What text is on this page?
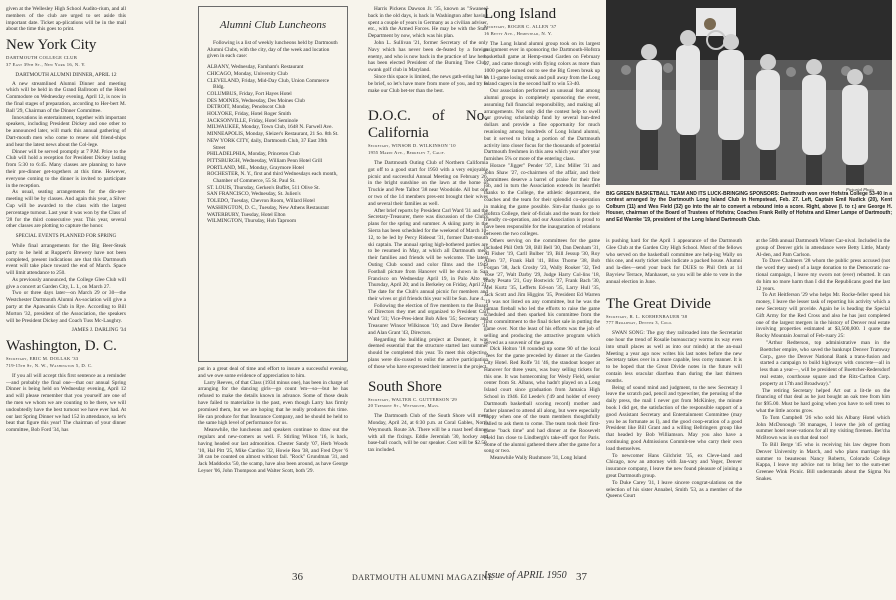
given at the Wellesley High School Audito-rium, and all members of the club are urged to set aside this important date. Ticket ap-plications will be in the mail about the time this goes to print.

New York City
DARTMOUTH COLLEGE CLUB
37 East 39th St., New York 16, N. Y.

DARTMOUTH ALUMNI DINNER, APRIL 12

A new streamlined Alumni Dinner and meeting which will be held in the Grand Ballroom of the Hotel Commodore on Wednesday evening, April 12, is now in the final stages of preparation, according to Her-bert M. Ball '29, Chairman of the Dinner Committee.

Innovations in entertainment, together with important speakers, including President Dickey and one other to be announced later, will mark this annual gathering of Dart-mouth men who come to renew old friend-ships and hear the latest news about the Col-lege.

Dinner will be served promptly at 7 P.M. Price to the Club will hold a reception for President Dickey lasting from 5:30 to 6:45. Many classes are planning to have their pre-dinner get-togethers at this time. However, everyone coming to the dinner is invited to participate in the reception.

As usual, seating arrangements for the din-ner-meeting will be by classes. And again this year, a Silver Cup will be awarded to the class with the largest percentage turnout. Last year it was won by the Class of '28 for the third consecutive year. This year, several other classes are plotting to capture the honor.

SPECIAL EVENTS PLANNED FOR SPRING

While final arrangements for the Big Beer-Steak party to be held at Ruppert's Brewery have not been completed, present indications are that this Dartmouth event will take place toward the end of March. Space will limit attendance to 250.

As previously announced, the College Glee Club will give a concert at Garden City, L. I., on March 27.

Two or three days later—on March 29 or 30—the Westchester Dartmouth Alumni As-sociation will give a party at the Apawamis Club in Rye. According to Bill Morton '32, president of the Association, the speakers will be President Dickey and Coach Tuss Mc-Laughry.

JAMES J. DARLING '34
Washington, D. C.
Secretary, ERIC M. DOLLAK '33
719-15th St, N. W., Washington 5, D. C.

If you all will accept this first sentence as a reminder—and probably the final one—that our annual Spring Dinner is being held on Wednesday evening, April 12 and will please remember that you yourself are one of the men we whom we are counting to be there, we will undoubtedly have the best turnout we have ever had. At our last Spring Dinner we had 152 in attendance, so let's beat that figure this year! The chairman of your dinner committee, Bob Ford '34, has

Alumni Club Luncheons

Following is a list of weekly luncheons held by Dartmouth Alumni Clubs, with the city, day of the week and location given in each case:

ALBANY, Wednesday, Farnham's Restaurant

CHICAGO, Monday, University Club

CLEVELAND, Friday, Mid-Day Club, Union Commerce Bldg.

COLUMBUS, Friday, Fort Hayes Hotel

DES MOINES, Wednesday, Des Moines Club

DETROIT, Monday, Penobscot Club

HOLYOKE, Friday, Hotel Roger Smith

JACKSONVILLE, Friday, Hotel Seminole

MILWAUKEE, Monday, Town Club, 1648 N. Farwell Ave.

MINNEAPOLIS, Monday, Sleizer's Restaurant, 21 So. 8th St.

NEW YORK CITY, daily, Dartmouth Club, 37 East 39th Street

PHILADELPHIA, Monday, Princeton Club

PITTSBURGH, Wednesday, William Penn Hotel Grill

PORTLAND, ME., Monday, Graymore Hotel

ROCHESTER, N. Y., first and third Wednesdays each month, Chamber of Commerce, 55 St. Paul St.

ST. LOUIS, Thursday, Gerken's Buffet, 511 Olive St.

SAN FRANCISCO, Wednesday, St. Julien's

TOLEDO, Tuesday, Chevron Room, Willard Hotel

WASHINGTON, D. C., Tuesday, New Athens Restaurant

WATERBURY, Tuesday, Hotel Elton

WILMINGTON, Thursday, Hob Taproom

put in a great deal of time and effort to insure a successful evening, and we owe some evidence of appreciation to him.

Larry Reeves, of that Class (1934 minus one), has been in charge of arranging for the dancing girls—go count 'em—so—but he has refused to make the details known in advance. Some of those deals have failed to materialize in the past, even though Larry has firmly promised them, but we are hoping that he really produces this time. He can produce for that Insurance Company, and he should be held to the same high level of performance for us.

Meanwhile, the luncheons and speakers continue to draw out the regulars and new-comers as well. F. Stirling Wilson '16, is back, having headed our last admonition. Chester Sandy '07, Herb Woods '10, Hal Pitt '25, Mike Cardiso '32, Howie Rea '38, and Fred Dyer '6 38 can be counted on almost without fail. "Rock" Grundman '31, and Jack Maddocks '50, the scamp, have also been around, as have George Leyser '06, John Thompson and Walter Scott, both '29.

Harris Pickens Dawson Jr. '35, known as "Swanee" back in the old days, is back in Washington after having spent a couple of years in Germany as a civilian adviser, etc., with the Armed Forces. He may be with the State Department by now, which was his plan.

John L. Sullivan '21, former Secretary of the only Navy which has never been de-feated by a foreign enemy, and who is now back in the practice of law here, has been elected President of the Burning Tree Club, swank golf club in Maryland.

Since this space is limited, the news gath-ering has to be brief, so let's have more from more of you, and try to make our Club bet-ter than the best.

D.O.C. of No. California
Secretary, WINSOR D. WILKINSON '10
1955 Marin Ave., Berkeley 7, Calif.

The Dartmouth Outing Club of Northern California got off to a good start for 1950 with a very enjoyable picnic and successful Annual Meeting on February 26, in the bright sunshine on the lawn at the home of Truckie and Pete Talbot '38 near Woodside. All but one or two of the 14 members pres-ent brought their wives and several their families as well.

After brief reports by President Carl Ward '31 and the Secretary-Treasurer, there was discussion of the Club's plans for the spring and summer. A skiing party in the Sierra has been scheduled for the weekend of March 10-12, to be led by Percy Rideout '31, former Dart-mouth ski captain. The annual spring high-bothered parties are to be resumed in May, at which all Dartmouth men, their families and friends will be welcome. The latest Outing Club sound and color films and the 1949 Football picture from Hanover will be shown in San Francisco on Wednesday April 19, in Palo Alto on Thursday, April 20; and in Berkeley on Friday, April 21. The date for the Club's annual picnic for members and their wives or girl friends this year will be Sun. June 4.

Following the election of five members to the Board of Directors they met and organized to President Carl Ward '31; Vice-Pres-ident Bob Allen '35; Secretary and Treasurer Winsor Wilkinson '10; and Dave Bender '31 and Alan Grant '43, Directors.

Regarding the building project at Donner, it was deemed essential that the structure started last summer should be completed this year. To meet this objective, plans were dis-cussed to enlist the active participation of those who have expressed their interest in the project.

South Shore
Secretary, WALTER C. GUTTERSON '29
20 Tremont St., Weymouth, Mass.

The Dartmouth Club of the South Shore will meet Monday, April 24, at 6:30 p.m. at Coral Gables, North Weymouth. Route 3A. There will be a roast beef dinner with all the fixings. Eddie Jeremiah '30, hockey and base-ball coach, will be our speaker. Cost will be $2.50, tax included.

Long Island
Secretary, ROGER C. ALLEN '37
16 Betty Ave., Hempstead, N. Y.

The Long Island alumni group took on its largest assignment ever in sponsoring the Dartmouth-Hofstra basketball game at Hemp-stead Garden on February 27, and came through with flying colors as more than 1000 people turned out to see the Big Green break up an 11-game losing streak and pull away from the Long Island cagers in the second half to win 53-40.

Our association performed an unusual feat among alumni groups in completely sponsoring the event, assuming full financial responsibility, and making all arrangements. Not only did the contest help to swell our growing scholarship fund by several hun-dred dollars and provide a fine opportunity for much reunioning among hundreds of Long Island alumni, but it served to bring a portion of the Dartmouth activity into closer focus for the thousands of potential Dartmouth freshmen in this area which year after year furnishes 5% or more of the entering class.

Horace "Jigger" Pender '37, Linc Miller '31 and John Shaw '27, co-chairmen of the affair, and their committees deserve a barrel of praise for their fine job, and in turn the Association extends its heartfelt thanks to the College, the athletic department, the coaches and the team for their splendid co-operation in making the game possible. Sim-ilar thanks go to Hofstra College, their of-ficials and the team for their friendly co-operation, and our Association is proud to have been responsible for the inauguration of relations between the two colleges.

Others serving on the committees for the game included Phil Orth '28, Bill Bell '30, Dan Denham '31, Al Fisher '19, Carll Bulber '19, Bill Jessup '30, Roy Allen '37, Frank Hall '41, Bliss Thorne '38, Bob Forgan '38, Jack Crosby '23, Wally Rooker '32, Ted Vose '27, Walt Darby '29, Judge Harry Col-lins '18, Rudy Pesato '21, Guy Bostwick '27, Frank Bach '30, Mel Kurtz '35, Lefferts Ed-son '35, Larry Hull '35, Jack Scott and Jim Higgins '35, President Ed Warren '19 was not listed on any committee, but he was the human fireball who led the efforts to raise the game scheduled and then sparked his committee from the first committment to the final ticket sale in putting the game over. Not the least of his efforts was the job of selling and producing the attractive program which served as a souvenir of the game.

Dick Holton '18 rounded up some 90 of the local "fees for the game preceded by dinner at the Garden City Hotel. Red Rolfe '31 '46, the standout hooper at Hanover for three years, was busy selling tickets for this one. It was homecoming for Wesly Field, senior center from St. Albans, who hadn't played on a Long Island court since graduation from Jamaica High School in 1946. Ed Leede's ('49 and holder of every Dartmouth basketball scoring record) mother and father planned to attend all along, but were especially happy when one of the team members thoughtfully called to ask them to come. The team took their first-game "back time" and had dinner at the Roosevelt Field Inn close to Lindbergh's take-off spot for Paris. Some of the alumni gathered there after the game for a song or two.

Meanwhile Wally Rushmore '31, Long Island

Pictorial Photo
BIG GREEN BASKETBALL TEAM AND ITS LUCK-BRINGING SPONSORS: Dartmouth won over Hofstra College 53-40 in a contest arranged by the Dartmouth Long Island Club in Hempstead, Feb. 27. Left, Captain Emil Nudick (20), Kent Colburn (11) and Wes Field (32) go into the air to convert a rebound into a score. Right, above (l. to r.) are George H. Houser, chairman of the Board of Trustees of Hofstra; Coaches Frank Reilly of Hofstra and Elmer Lampe of Dartmouth; and Ed Warnke '19, president of the Long Island Dartmouth Club.

is pushing hard for the April 1 appearance of the Dartmouth Glee Club at the Garden City High School. Most of the fellows who served on the basketball committee are help-ing Wally on this one, and early ticket sales indicate a packed house. Alumni and la-dies—send your buck for DUES to Phil Orth at 14 Bayview Terrace, Manhasset, so you will be able to vote in the annual election in June.

The Great Divide
Secretary, R. L. KOEHENBAUER '38
777 Broadway, Denver 3, Colo.

SWAN SONG: The guy they railroaded into the Secretariat one hour the trend of Rosalie bureaucracy worms its way even into small places as well as into our minds) at the an-nual Meeting a year ago now writes his last notes before the new Secretary takes over in a more capable, less corny manner. It is to be hoped that the Great Divide notes in the future will contain less oracular diarrhea than during the last thirteen months.

Being of sound mind and judgment, to the new Secretary I leave the scratch pad, pencil and typewriter, the perusing of the daily press, the mail I never got from McKinley, the minute book I did get, the satisfaction of the responsible support of a good Assistant Secretary and Entertainment Committee (may you be as fortunate as I), and the good coop-eration of a good President like Bill Grant and a willing Bellringers group like that headed by Bob Williamson. May you also have a continuing good Admissions Commit-tee who carry their own load themselves.

To newcomer Hans Gilchrist '35, ex Cleve-land and Chicago, now an attorney with Jan-vary and Yeger, Denver insurance company, I leave the new found pleasure of joining a great Dartmouth group.

To Duke Carey '31, I leave sincere congrat-ulations on the selection of his sister Annabel, Smith '53, as a member of the Queens Court

at the 50th annual Dartmouth Winter Car-nival. Included in the group of Denver girls in attendance were Betty Little, Mardy Al-den, and Pam Carlson.

To Dave Chalmers '28 whom the public press accused (not the word they used) of a large donation to the Democratic na-tional campaign, I leave my sworn not (ever) rebutted. It can do him no more harm than I did the Republicans good the last 12 years.

To Art Heitferson '29 who helps Mr. Rocke-feller spend his money, I leave the lesser task of reporting his activity which a new Secretary will provide. Again he is heading the Special Gift Army for the Red Cross and also he has just completed one of the largest mergers in the history of Denver real estate involving properties estimated at $3,500,000. I quote the Rocky Mountain Journal of Feb-ruary 25:

"Arthur Redterson, top administrative man in the Boettcher empire, who saved the bankrupt Denver Tramway Corp., gave the Denver National Bank a trans-fusion and started a campaign to build highways with concrete—all in less than a year—, will be president of Boettcher-Redersdorf real estate, courthouse square and the Ritz-Carlton Corp. property at 17th and Broadway)."

The retiring Secretary helped Art out a lit-tle on the financing of that deal as he just bought an oak tree from him for $95.00. Must be hard going when you have to sell trees to what the little acorns grow.

To Tom Campbell '26 who sold his Albany Hotel which John McDonough '38 manages, I leave the job of getting summer hotel reser-vations for all my visiting firemen. Bet'cha McBrown was in on that deal too!

To Bill Berge '45 who is receiving his law degree from Denver University in March, and who plans marriage this summer to beauteous Nancy Roberts, Colorado College Kappa, I leave my advice not to bring her to the sum-mer Greenee Wink Picnic. Bill understands about the Sigma Nu Snakes.

36	DARTMOUTH ALUMNI MAGAZINE
Issue of APRIL 1950 37
